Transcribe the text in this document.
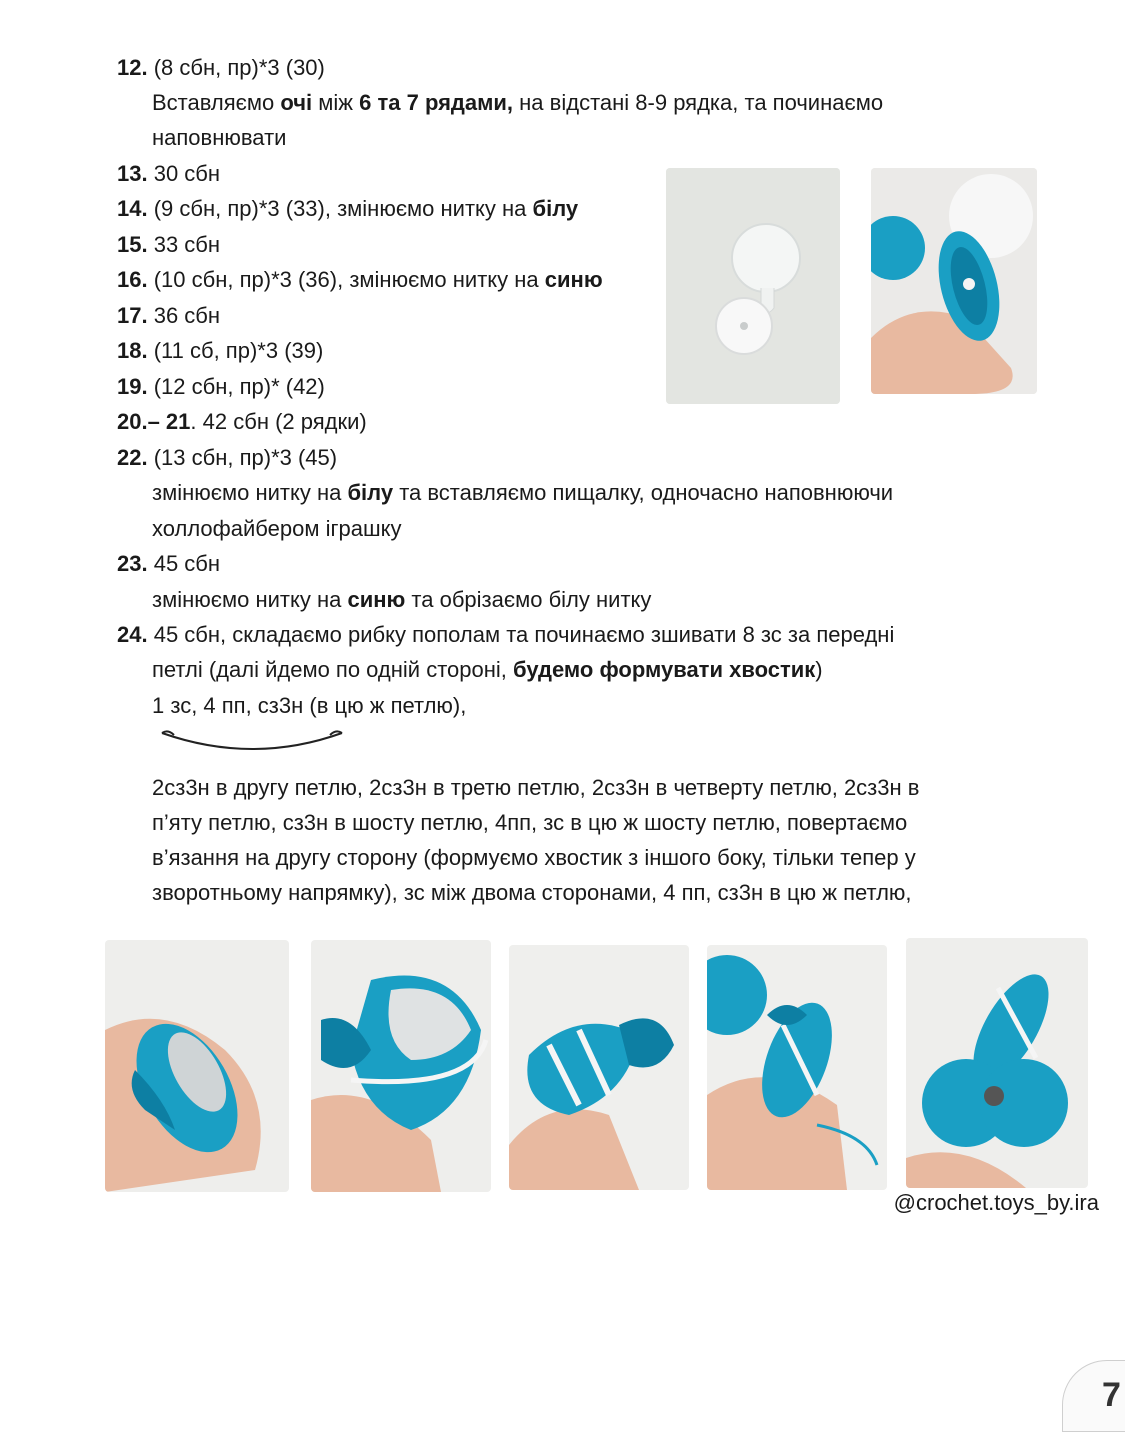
12. (8 сбн, пр)*3 (30)
Вставляємо очі між 6 та 7 рядами, на відстані 8-9 рядка, та починаємо
наповнювати
13. 30 сбн
14. (9 сбн, пр)*3 (33), змінюємо нитку на білу
15. 33 сбн
16. (10 сбн, пр)*3 (36), змінюємо нитку на синю
17. 36 сбн
18. (11 сб, пр)*3 (39)
19. (12 сбн, пр)* (42)
20.– 21. 42 сбн (2 рядки)
22. (13 сбн, пр)*3 (45)
змінюємо нитку на білу та вставляємо пищалку, одночасно наповнюючи
холлофайбером іграшку
23. 45 сбн
змінюємо нитку на синю та обрізаємо білу нитку
24. 45 сбн, складаємо рибку пополам та починаємо зшивати 8 зс за передні
петлі (далі йдемо по одній стороні, будемо формувати хвостик)
1 зс, 4 пп, сз3н (в цю ж петлю),
2сз3н в другу петлю, 2сз3н в третю петлю, 2сз3н в четверту петлю, 2сз3н в
п’яту петлю, сз3н в шосту петлю, 4пп, зс в цю ж шосту петлю, повертаємо
в’язання на другу сторону (формуємо хвостик з іншого боку, тільки тепер у
зворотньому напрямку), зс між двома сторонами, 4 пп, сз3н в цю ж петлю,
@crochet.toys_by.ira
7
